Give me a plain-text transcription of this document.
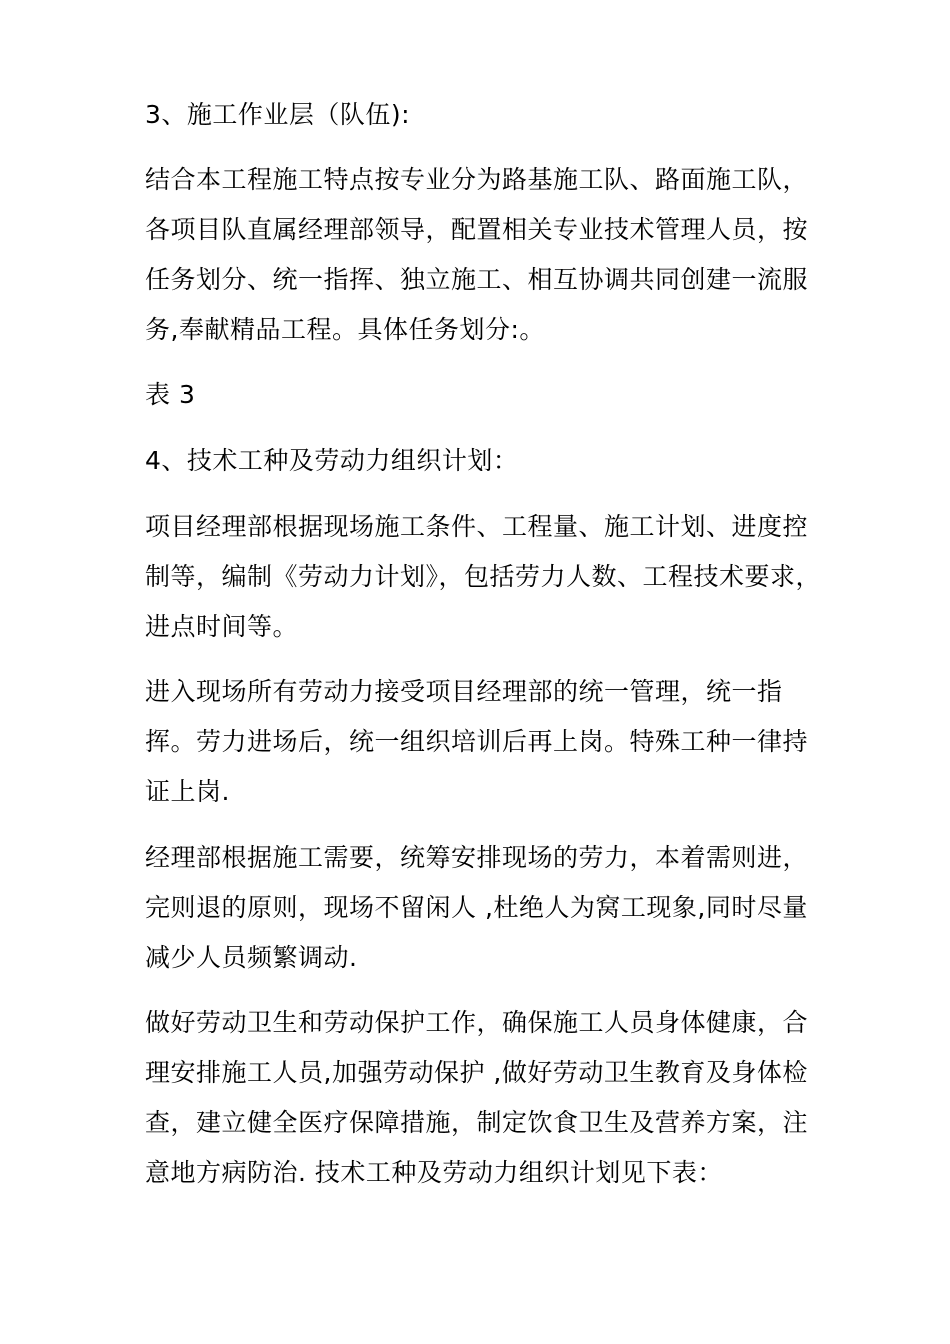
3、施工作业层（队伍):

结合本工程施工特点按专业分为路基施工队、路面施工队，
各项目队直属经理部领导，配置相关专业技术管理人员，按
任务划分、统一指挥、独立施工、相互协调共同创建一流服
务,奉献精品工程。具体任务划分:。

表 3

4、技术工种及劳动力组织计划：

项目经理部根据现场施工条件、工程量、施工计划、进度控
制等，编制《劳动力计划》，包括劳力人数、工程技术要求，
进点时间等。

进入现场所有劳动力接受项目经理部的统一管理，统一指
挥。劳力进场后，统一组织培训后再上岗。特殊工种一律持
证上岗.

经理部根据施工需要，统筹安排现场的劳力，本着需则进，
完则退的原则，现场不留闲人 ,杜绝人为窝工现象,同时尽量
减少人员频繁调动.

做好劳动卫生和劳动保护工作，确保施工人员身体健康，合
理安排施工人员,加强劳动保护 ,做好劳动卫生教育及身体检
查，建立健全医疗保障措施，制定饮食卫生及营养方案，注
意地方病防治. 技术工种及劳动力组织计划见下表：
